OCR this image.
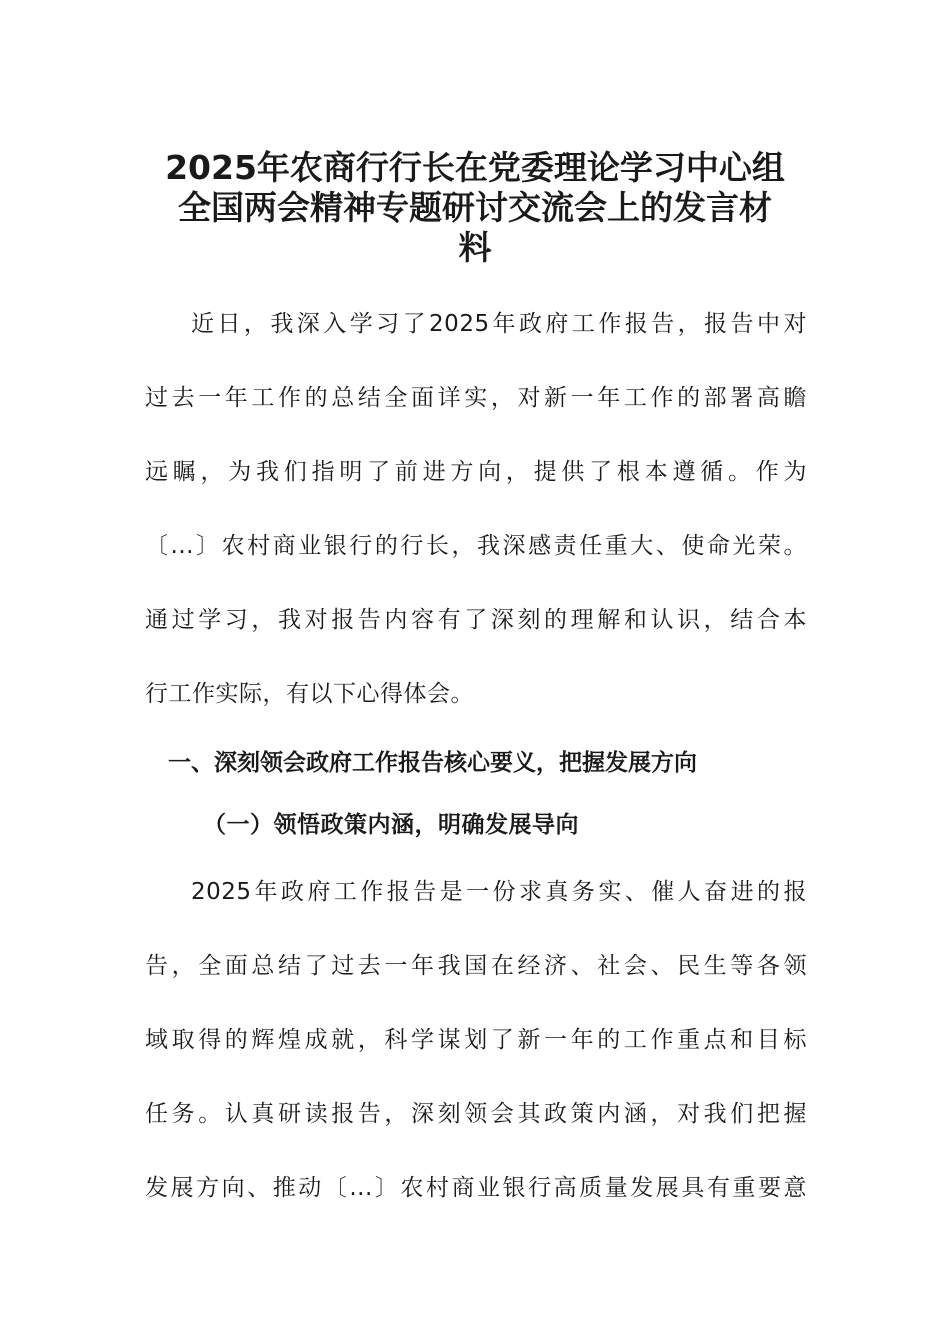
2025年农商行行长在党委理论学习中心组
全国两会精神专题研讨交流会上的发言材
料
近日，我深入学习了2025年政府工作报告，报告中对
过去一年工作的总结全面详实，对新一年工作的部署高瞻
远瞩，为我们指明了前进方向，提供了根本遵循。作为
〔...〕农村商业银行的行长，我深感责任重大、使命光荣。
通过学习，我对报告内容有了深刻的理解和认识，结合本
行工作实际，有以下心得体会。
一、深刻领会政府工作报告核心要义，把握发展方向
（一）领悟政策内涵，明确发展导向
2025年政府工作报告是一份求真务实、催人奋进的报
告，全面总结了过去一年我国在经济、社会、民生等各领
域取得的辉煌成就，科学谋划了新一年的工作重点和目标
任务。认真研读报告，深刻领会其政策内涵，对我们把握
发展方向、推动〔...〕农村商业银行高质量发展具有重要意
